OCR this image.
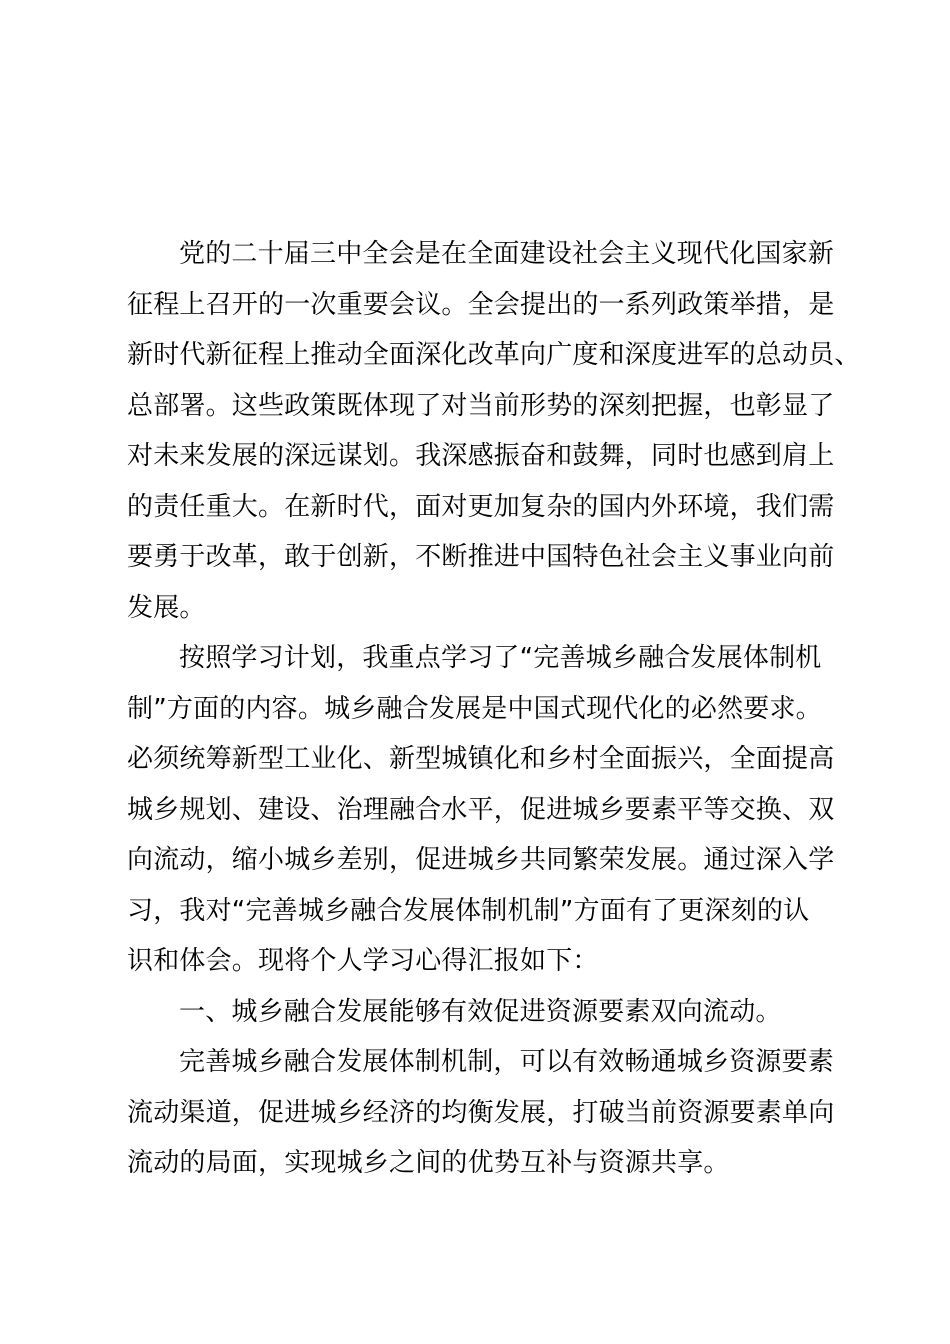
党的二十届三中全会是在全面建设社会主义现代化国家新
征程上召开的一次重要会议。全会提出的一系列政策举措，是
新时代新征程上推动全面深化改革向广度和深度进军的总动员、
总部署。这些政策既体现了对当前形势的深刻把握，也彰显了
对未来发展的深远谋划。我深感振奋和鼓舞，同时也感到肩上
的责任重大。在新时代，面对更加复杂的国内外环境，我们需
要勇于改革，敢于创新，不断推进中国特色社会主义事业向前
发展。
按照学习计划，我重点学习了“完善城乡融合发展体制机
制”方面的内容。城乡融合发展是中国式现代化的必然要求。
必须统筹新型工业化、新型城镇化和乡村全面振兴，全面提高
城乡规划、建设、治理融合水平，促进城乡要素平等交换、双
向流动，缩小城乡差别，促进城乡共同繁荣发展。通过深入学
习，我对“完善城乡融合发展体制机制”方面有了更深刻的认
识和体会。现将个人学习心得汇报如下：
一、城乡融合发展能够有效促进资源要素双向流动。
完善城乡融合发展体制机制，可以有效畅通城乡资源要素
流动渠道，促进城乡经济的均衡发展，打破当前资源要素单向
流动的局面，实现城乡之间的优势互补与资源共享。
